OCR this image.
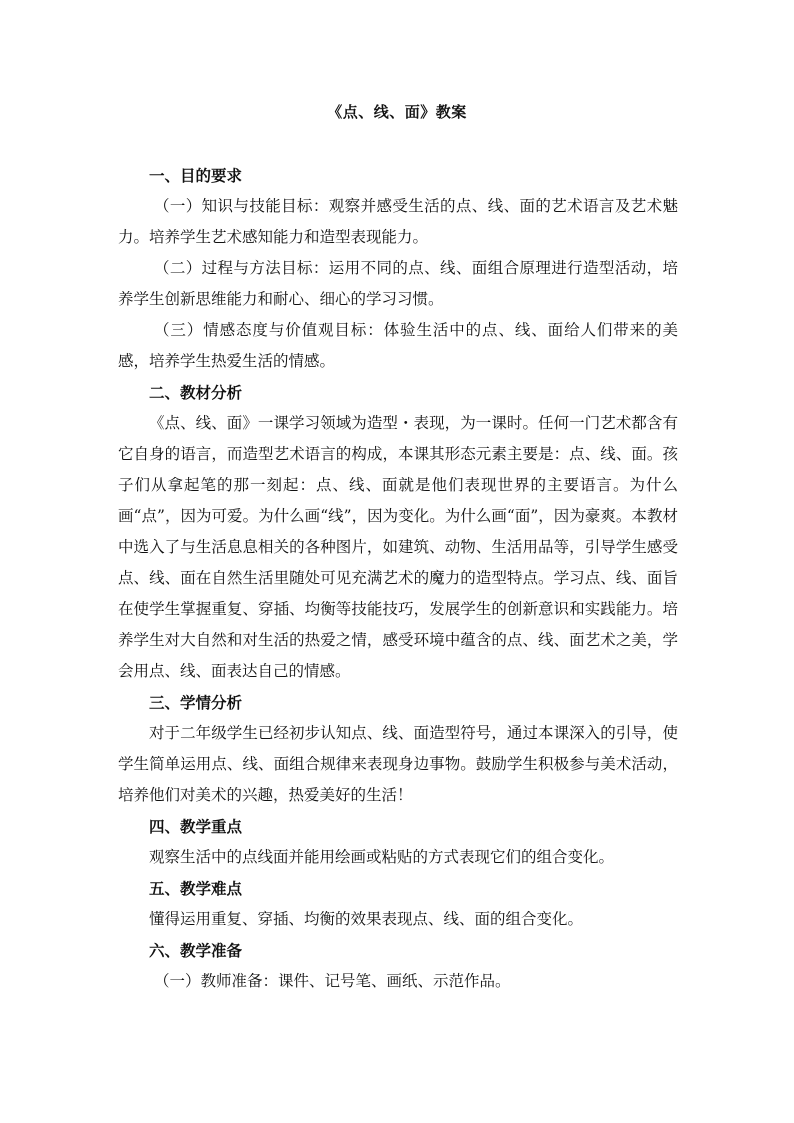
《点、线、面》教案

一、目的要求

（一）知识与技能目标：观察并感受生活的点、线、面的艺术语言及艺术魅力。培养学生艺术感知能力和造型表现能力。

（二）过程与方法目标：运用不同的点、线、面组合原理进行造型活动，培养学生创新思维能力和耐心、细心的学习习惯。

（三）情感态度与价值观目标：体验生活中的点、线、面给人们带来的美感，培养学生热爱生活的情感。

二、教材分析

《点、线、面》一课学习领域为造型・表现，为一课时。任何一门艺术都含有它自身的语言，而造型艺术语言的构成，本课其形态元素主要是：点、线、面。孩子们从拿起笔的那一刻起：点、线、面就是他们表现世界的主要语言。为什么画“点”，因为可爱。为什么画“线”，因为变化。为什么画“面”，因为豪爽。本教材中选入了与生活息息相关的各种图片，如建筑、动物、生活用品等，引导学生感受点、线、面在自然生活里随处可见充满艺术的魔力的造型特点。学习点、线、面旨在使学生掌握重复、穿插、均衡等技能技巧，发展学生的创新意识和实践能力。培养学生对大自然和对生活的热爱之情，感受环境中蕴含的点、线、面艺术之美，学会用点、线、面表达自己的情感。

三、学情分析

对于二年级学生已经初步认知点、线、面造型符号，通过本课深入的引导，使学生简单运用点、线、面组合规律来表现身边事物。鼓励学生积极参与美术活动，培养他们对美术的兴趣，热爱美好的生活！

四、教学重点

观察生活中的点线面并能用绘画或粘贴的方式表现它们的组合变化。

五、教学难点

懂得运用重复、穿插、均衡的效果表现点、线、面的组合变化。

六、教学准备

（一）教师准备：课件、记号笔、画纸、示范作品。
